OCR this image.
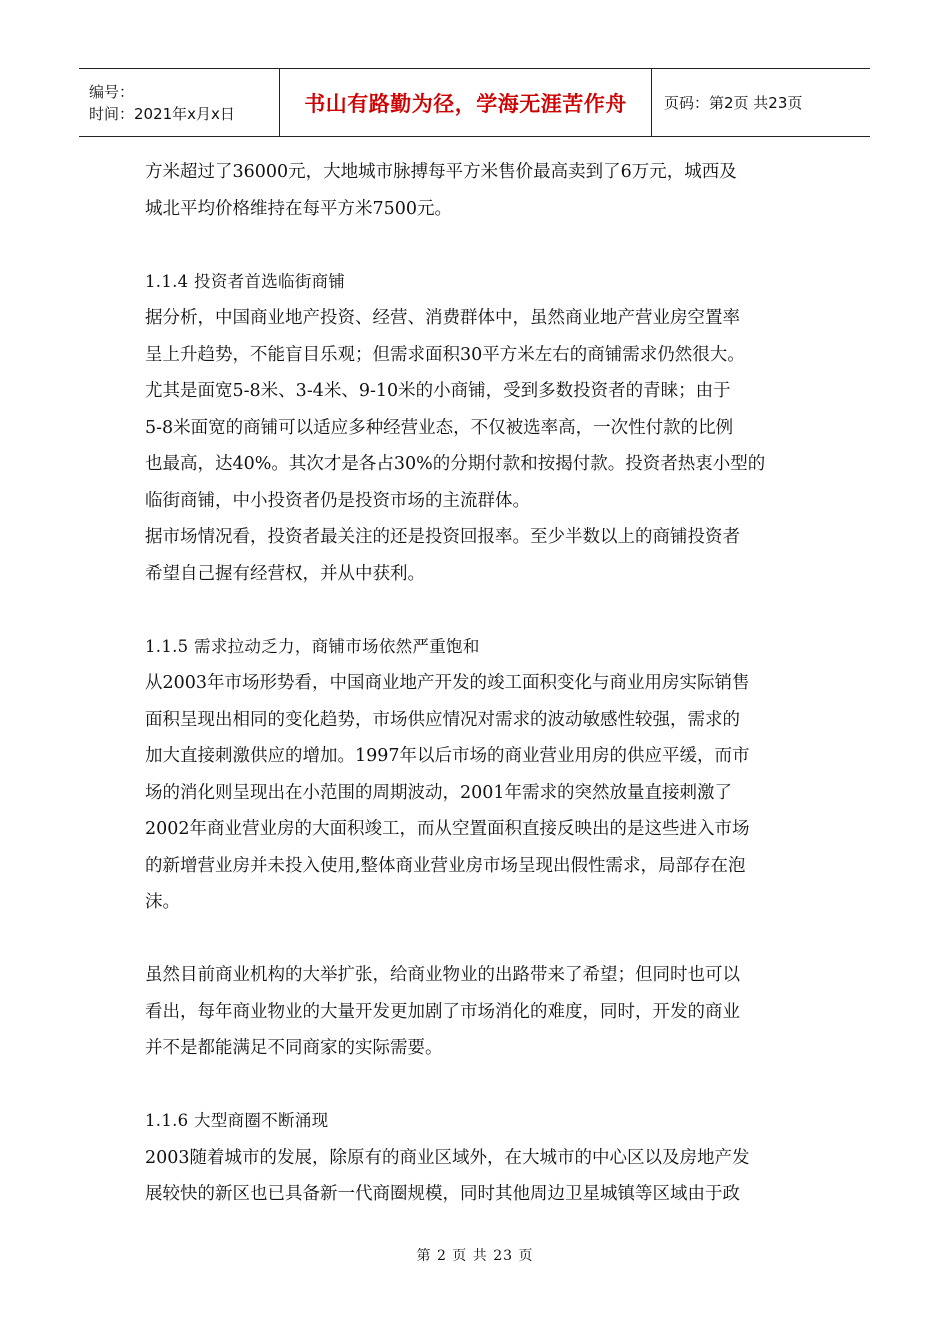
编号：
时间：2021年x月x日	书山有路勤为径，学海无涯苦作舟	页码：第2页 共23页
方米超过了36000元，大地城市脉搏每平方米售价最高卖到了6万元，城西及
城北平均价格维持在每平方米7500元。
1.1.4 投资者首选临街商铺
据分析，中国商业地产投资、经营、消费群体中，虽然商业地产营业房空置率
呈上升趋势，不能盲目乐观；但需求面积30平方米左右的商铺需求仍然很大。
尤其是面宽5-8米、3-4米、9-10米的小商铺，受到多数投资者的青睐；由于
5-8米面宽的商铺可以适应多种经营业态，不仅被选率高，一次性付款的比例
也最高，达40%。其次才是各占30%的分期付款和按揭付款。投资者热衷小型的
临街商铺，中小投资者仍是投资市场的主流群体。
据市场情况看，投资者最关注的还是投资回报率。至少半数以上的商铺投资者
希望自己握有经营权，并从中获利。
1.1.5 需求拉动乏力，商铺市场依然严重饱和
从2003年市场形势看，中国商业地产开发的竣工面积变化与商业用房实际销售
面积呈现出相同的变化趋势，市场供应情况对需求的波动敏感性较强，需求的
加大直接刺激供应的增加。1997年以后市场的商业营业用房的供应平缓，而市
场的消化则呈现出在小范围的周期波动，2001年需求的突然放量直接刺激了
2002年商业营业房的大面积竣工，而从空置面积直接反映出的是这些进入市场
的新增营业房并未投入使用,整体商业营业房市场呈现出假性需求，局部存在泡
沫。
虽然目前商业机构的大举扩张，给商业物业的出路带来了希望；但同时也可以
看出，每年商业物业的大量开发更加剧了市场消化的难度，同时，开发的商业
并不是都能满足不同商家的实际需要。
1.1.6 大型商圈不断涌现
2003随着城市的发展，除原有的商业区域外，在大城市的中心区以及房地产发
展较快的新区也已具备新一代商圈规模，同时其他周边卫星城镇等区域由于政
第 2 页 共 23 页
